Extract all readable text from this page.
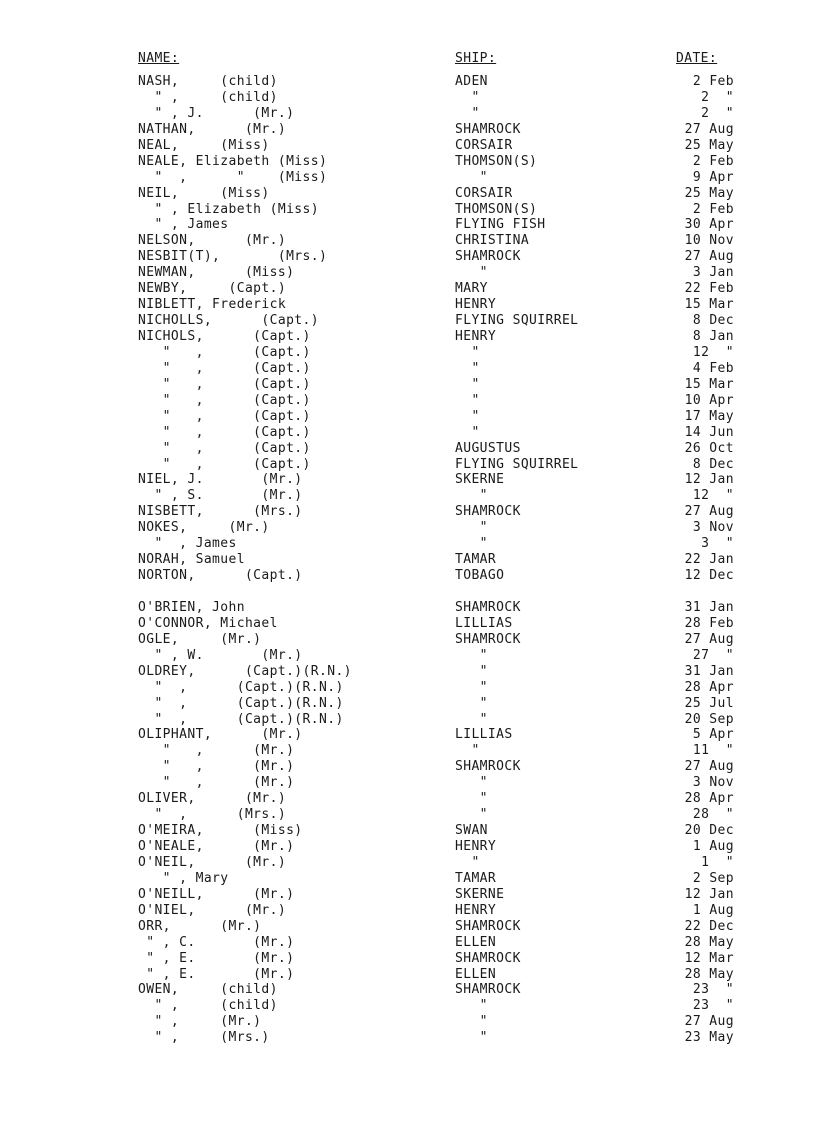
NAME:	SHIP:	DATE:
NASH,     (child)	ADEN	2 Feb
" ,     (child)	"	2  "
" , J.      (Mr.)	"	2  "
NATHAN,      (Mr.)	SHAMROCK	27 Aug
NEAL,     (Miss)	CORSAIR	25 May
NEALE, Elizabeth (Miss)	THOMSON(S)	2 Feb
"  ,      "    (Miss)	"	9 Apr
NEIL,     (Miss)	CORSAIR	25 May
" , Elizabeth (Miss)	THOMSON(S)	2 Feb
" , James	FLYING FISH	30 Apr
NELSON,      (Mr.)	CHRISTINA	10 Nov
NESBIT(T),       (Mrs.)	SHAMROCK	27 Aug
NEWMAN,      (Miss)	"	3 Jan
NEWBY,     (Capt.)	MARY	22 Feb
NIBLETT, Frederick	HENRY	15 Mar
NICHOLLS,      (Capt.)	FLYING SQUIRREL	8 Dec
NICHOLS,      (Capt.)	HENRY	8 Jan
"   ,      (Capt.)	"	12  "
"   ,      (Capt.)	"	4 Feb
"   ,      (Capt.)	"	15 Mar
"   ,      (Capt.)	"	10 Apr
"   ,      (Capt.)	"	17 May
"   ,      (Capt.)	"	14 Jun
"   ,      (Capt.)	AUGUSTUS	26 Oct
"   ,      (Capt.)	FLYING SQUIRREL	8 Dec
NIEL, J.       (Mr.)	SKERNE	12 Jan
" , S.       (Mr.)	"	12  "
NISBETT,      (Mrs.)	SHAMROCK	27 Aug
NOKES,     (Mr.)	"	3 Nov
"  , James	"	3  "
NORAH, Samuel	TAMAR	22 Jan
NORTON,      (Capt.)	TOBAGO	12 Dec
O'BRIEN, John	SHAMROCK	31 Jan
O'CONNOR, Michael	LILLIAS	28 Feb
OGLE,     (Mr.)	SHAMROCK	27 Aug
" , W.       (Mr.)	"	27  "
OLDREY,      (Capt.)(R.N.)	"	31 Jan
"  ,      (Capt.)(R.N.)	"	28 Apr
"  ,      (Capt.)(R.N.)	"	25 Jul
"  ,      (Capt.)(R.N.)	"	20 Sep
OLIPHANT,      (Mr.)	LILLIAS	5 Apr
"   ,      (Mr.)	"	11  "
"   ,      (Mr.)	SHAMROCK	27 Aug
"   ,      (Mr.)	"	3 Nov
OLIVER,      (Mr.)	"	28 Apr
"  ,      (Mrs.)	"	28  "
O'MEIRA,      (Miss)	SWAN	20 Dec
O'NEALE,      (Mr.)	HENRY	1 Aug
O'NEIL,      (Mr.)	"	1  "
" , Mary	TAMAR	2 Sep
O'NEILL,      (Mr.)	SKERNE	12 Jan
O'NIEL,      (Mr.)	HENRY	1 Aug
ORR,      (Mr.)	SHAMROCK	22 Dec
" , C.       (Mr.)	ELLEN	28 May
" , E.       (Mr.)	SHAMROCK	12 Mar
" , E.       (Mr.)	ELLEN	28 May
OWEN,     (child)	SHAMROCK	23  "
" ,     (child)	"	23  "
" ,     (Mr.)	"	27 Aug
" ,     (Mrs.)	"	23 May
